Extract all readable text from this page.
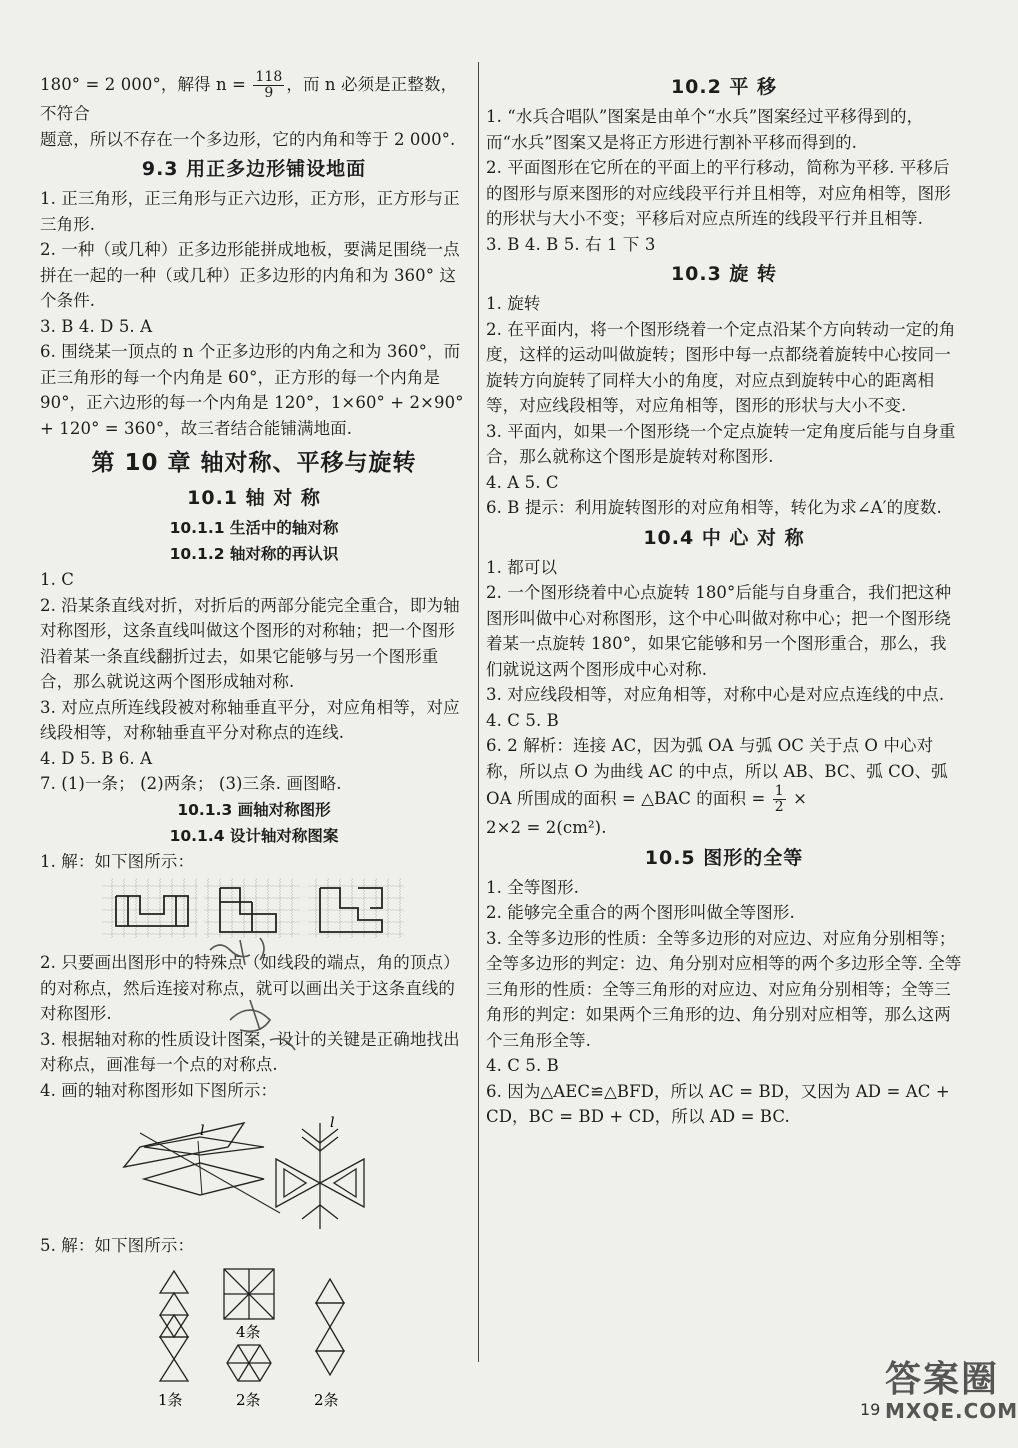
180° = 2 000°，解得 $n = \frac{118}{9}$ ，而 n 必须是正整数，不符合

题意，所以不存在一个多边形，它的内角和等于 2 000°.

9.3 用正多边形铺设地面

1. 正三角形，正三角形与正六边形，正方形，正方形与正三角形.

2. 一种（或几种）正多边形能拼成地板，要满足围绕一点拼在一起的一种（或几种）正多边形的内角和为 360° 这个条件.

3. B 4. D 5. A

6. 围绕某一顶点的 n 个正多边形的内角之和为 360°，而正三角形的每一个内角是 60°，正方形的每一个内角是 90°，正六边形的每一个内角是 120°，1×60° + 2×90° + 120° = 360°，故三者结合能铺满地面.

第 10 章 轴对称、平移与旋转
10.1 轴 对 称
10.1.1 生活中的轴对称
10.1.2 轴对称的再认识

1. C

2. 沿某条直线对折，对折后的两部分能完全重合，即为轴对称图形，这条直线叫做这个图形的对称轴；把一个图形沿着某一条直线翻折过去，如果它能够与另一个图形重合，那么就说这两个图形成轴对称.

3. 对应点所连线段被对称轴垂直平分，对应角相等，对应线段相等，对称轴垂直平分对称点的连线.

4. D 5. B 6. A

7. (1)一条； (2)两条； (3)三条. 画图略.

10.1.3 画轴对称图形
10.1.4 设计轴对称图案

1. 解：如下图所示：

2. 只要画出图形中的特殊点（如线段的端点，角的顶点）的对称点，然后连接对称点，就可以画出关于这条直线的对称图形.

3. 根据轴对称的性质设计图案，设计的关键是正确地找出对称点，画准每一个点的对称点.

4. 画的轴对称图形如下图所示：

l	l

5. 解：如下图所示：

1条
4条
2条	2条
10.2 平 移

1. “水兵合唱队”图案是由单个“水兵”图案经过平移得到的，而“水兵”图案又是将正方形进行割补平移而得到的.

2. 平面图形在它所在的平面上的平行移动，简称为平移. 平移后的图形与原来图形的对应线段平行并且相等，对应角相等，图形的形状与大小不变；平移后对应点所连的线段平行并且相等.

3. B 4. B 5. 右 1 下 3

10.3 旋 转

1. 旋转

2. 在平面内，将一个图形绕着一个定点沿某个方向转动一定的角度，这样的运动叫做旋转；图形中每一点都绕着旋转中心按同一旋转方向旋转了同样大小的角度，对应点到旋转中心的距离相等，对应线段相等，对应角相等，图形的形状与大小不变.

3. 平面内，如果一个图形绕一个定点旋转一定角度后能与自身重合，那么就称这个图形是旋转对称图形.

4. A 5. C

6. B 提示：利用旋转图形的对应角相等，转化为求∠A′的度数.

10.4 中 心 对 称

1. 都可以

2. 一个图形绕着中心点旋转 180°后能与自身重合，我们把这种图形叫做中心对称图形，这个中心叫做对称中心；把一个图形绕着某一点旋转 180°，如果它能够和另一个图形重合，那么，我们就说这两个图形成中心对称.

3. 对应线段相等，对应角相等，对称中心是对应点连线的中点.

4. C 5. B

6. 2 解析：连接 AC，因为弧 OA 与弧 OC 关于点 O 中心对称，所以点 O 为曲线 AC 的中点，所以 AB、BC、弧 CO、弧 OA 所围成的面积 = △BAC 的面积 = $\frac{1}{2}$ ×

2×2 = 2(cm²).

10.5 图形的全等

1. 全等图形.

2. 能够完全重合的两个图形叫做全等图形.

3. 全等多边形的性质：全等多边形的对应边、对应角分别相等；全等多边形的判定：边、角分别对应相等的两个多边形全等. 全等三角形的性质：全等三角形的对应边、对应角分别相等；全等三角形的判定：如果两个三角形的边、角分别对应相等，那么这两个三角形全等.

4. C 5. B

6. 因为△AEC≌△BFD，所以 AC = BD，又因为 AD = AC + CD，BC = BD + CD，所以 AD = BC.

19
答案圈
MXQE.COM
